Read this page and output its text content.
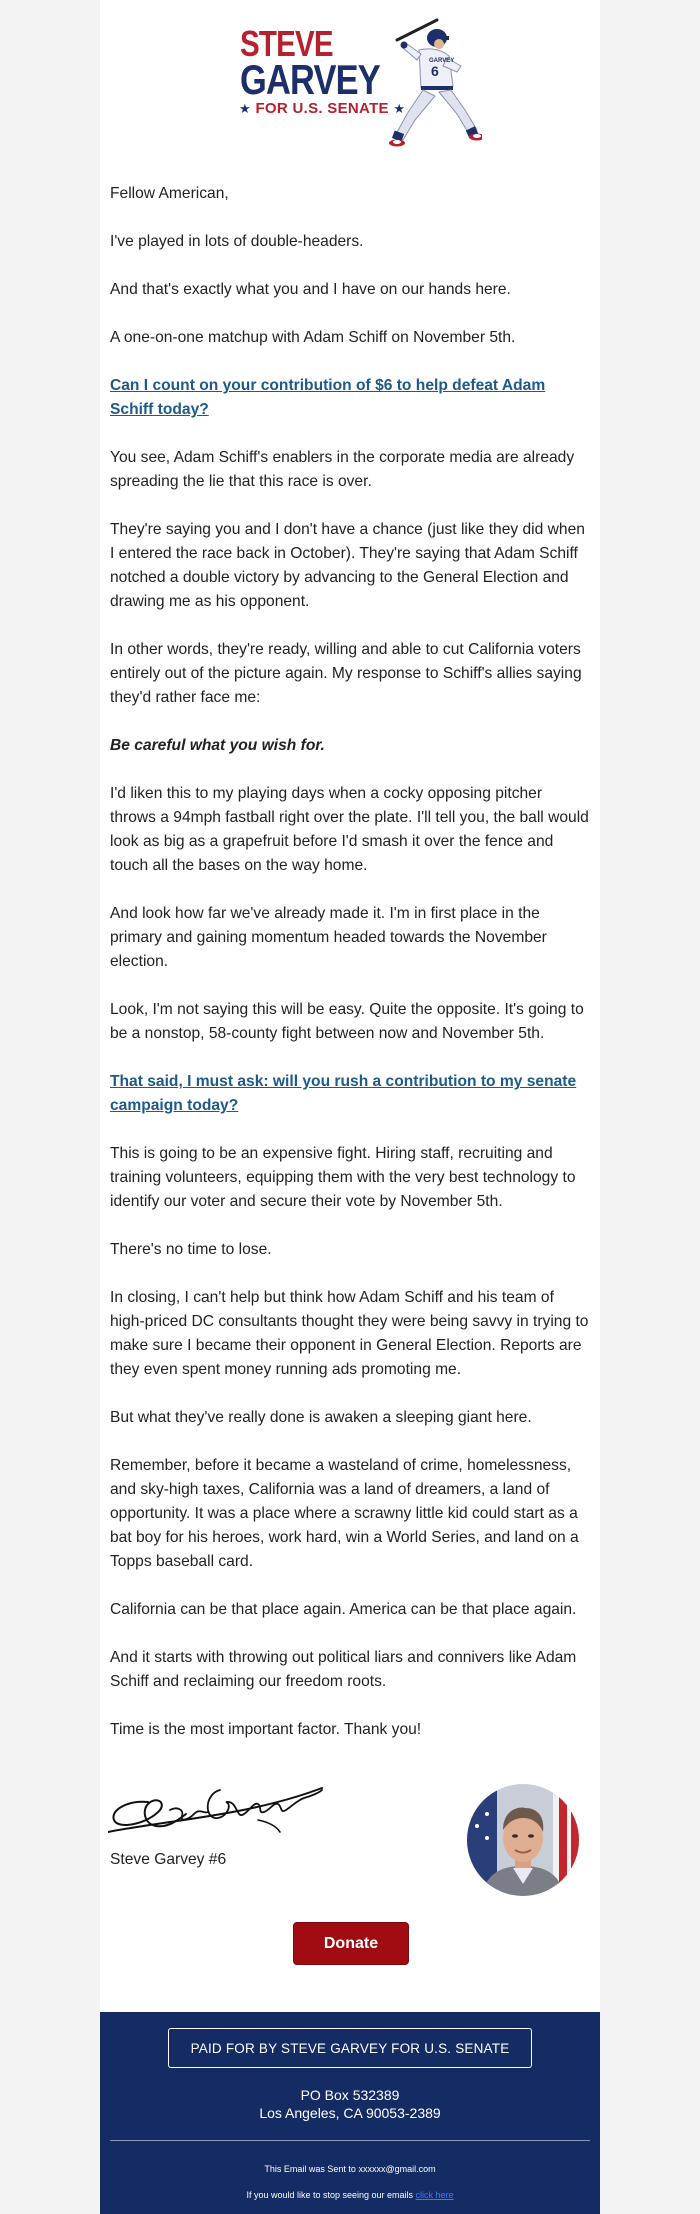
STEVE
GARVEY
★ FOR U.S. SENATE ★
GARVEY
6

Fellow American,

I've played in lots of double-headers.

And that's exactly what you and I have on our hands here.

A one-on-one matchup with Adam Schiff on November 5th.

Can I count on your contribution of $6 to help defeat Adam Schiff today?

You see, Adam Schiff's enablers in the corporate media are already spreading the lie that this race is over.

They're saying you and I don't have a chance (just like they did when I entered the race back in October). They're saying that Adam Schiff notched a double victory by advancing to the General Election and drawing me as his opponent.

In other words, they're ready, willing and able to cut California voters entirely out of the picture again. My response to Schiff's allies saying they'd rather face me:

Be careful what you wish for.

I'd liken this to my playing days when a cocky opposing pitcher throws a 94mph fastball right over the plate. I'll tell you, the ball would look as big as a grapefruit before I'd smash it over the fence and touch all the bases on the way home.

And look how far we've already made it. I'm in first place in the primary and gaining momentum headed towards the November election.

Look, I'm not saying this will be easy. Quite the opposite. It's going to be a nonstop, 58-county fight between now and November 5th.

That said, I must ask: will you rush a contribution to my senate campaign today?

This is going to be an expensive fight. Hiring staff, recruiting and training volunteers, equipping them with the very best technology to identify our voter and secure their vote by November 5th.

There's no time to lose.

In closing, I can't help but think how Adam Schiff and his team of high-priced DC consultants thought they were being savvy in trying to make sure I became their opponent in General Election. Reports are they even spent money running ads promoting me.

But what they've really done is awaken a sleeping giant here.

Remember, before it became a wasteland of crime, homelessness, and sky-high taxes, California was a land of dreamers, a land of opportunity. It was a place where a scrawny little kid could start as a bat boy for his heroes, work hard, win a World Series, and land on a Topps baseball card.

California can be that place again. America can be that place again.

And it starts with throwing out political liars and connivers like Adam Schiff and reclaiming our freedom roots.

Time is the most important factor. Thank you!

Steve Garvey #6
Donate
PAID FOR BY STEVE GARVEY FOR U.S. SENATE
PO Box 532389
Los Angeles, CA 90053-2389
This Email was Sent to xxxxxx@gmail.com
If you would like to stop seeing our emails click here
